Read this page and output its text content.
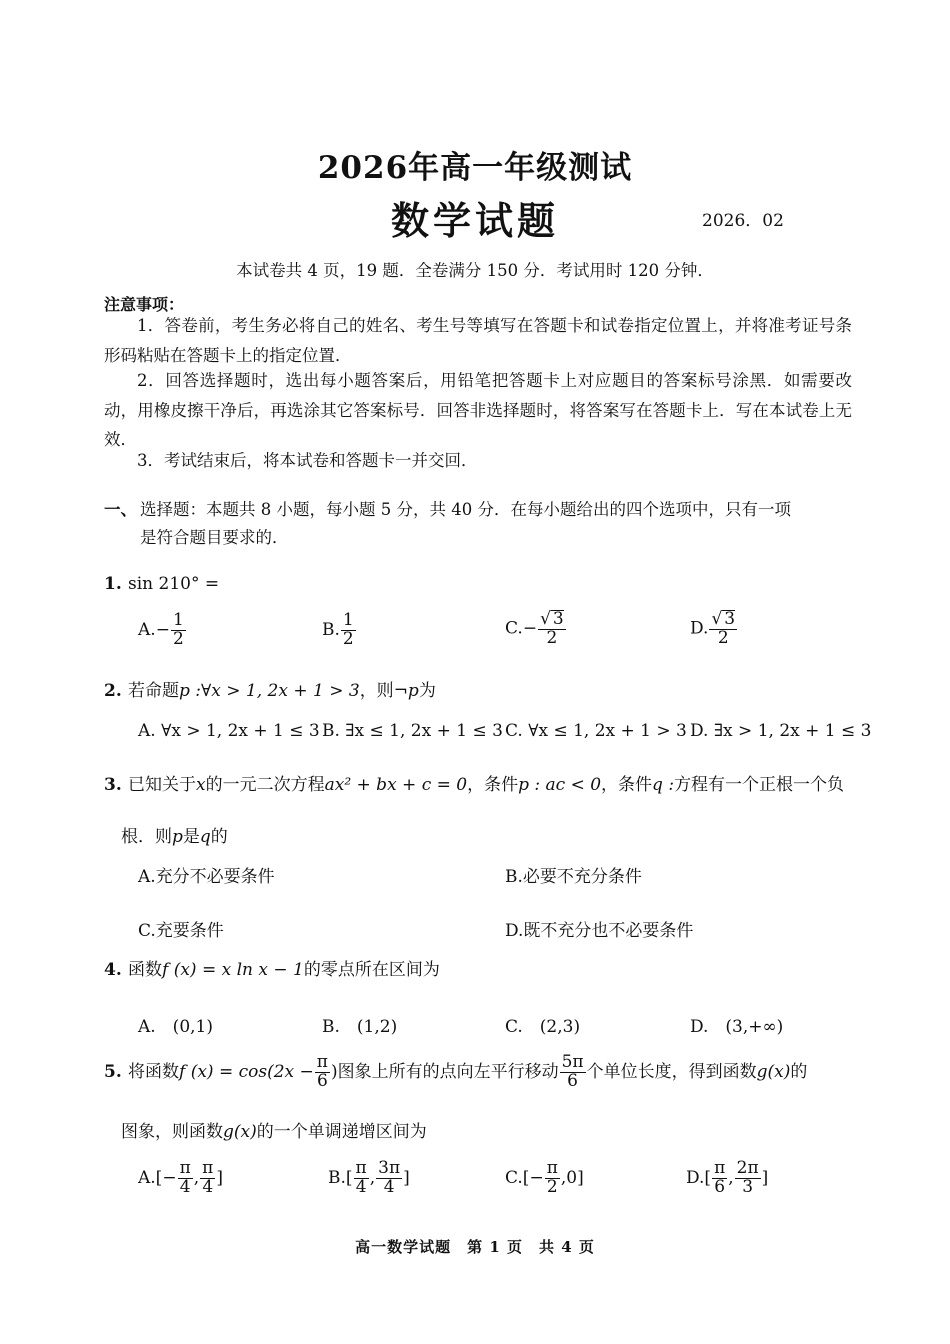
2026年高一年级测试
数学试题	2026．02
本试卷共 4 页，19 题．全卷满分 150 分．考试用时 120 分钟．
注意事项：
1．答卷前，考生务必将自己的姓名、考生号等填写在答题卡和试卷指定位置上，并将准考证号条形码粘贴在答题卡上的指定位置．
2．回答选择题时，选出每小题答案后，用铅笔把答题卡上对应题目的答案标号涂黑．如需要改动，用橡皮擦干净后，再选涂其它答案标号．回答非选择题时，将答案写在答题卡上．写在本试卷上无效．
3．考试结束后，将本试卷和答题卡一并交回．
一、 选择题：本题共 8 小题，每小题 5 分，共 40 分．在每小题给出的四个选项中，只有一项
是符合题目要求的．
1. sin 210° =
$A.- \frac{1}{2}$	B. $\frac{1}{2}$	$C.- \frac{√ 3}{2}$	D. $\frac{√ 3}{2}$
2. 若命题p :∀x > 1, 2x + 1 > 3，则¬p为
A. ∀x > 1, 2x + 1 ≤ 3 B. ∃x ≤ 1, 2x + 1 ≤ 3 C. ∀x ≤ 1, 2x + 1 > 3 D. ∃x > 1, 2x + 1 ≤ 3
3. 已知关于x的一元二次方程ax² + bx + c = 0，条件p : ac < 0，条件q :方程有一个正根一个负
根．则p是q的
A.充分不必要条件	B.必要不充分条件
C.充要条件	D.既不充分也不必要条件
4. 函数f (x) = x ln x − 1的零点所在区间为
A.　(0,1)	B.　(1,2)	C.　(2,3)	D.　(3,+∞)
5. 将函数f $(x) = \cos(2x - \frac{\pi}{6}$ )图象上所有的点向左平行移动 $\frac{5\pi}{6}$ 个单位长度，得到函数g(x)的
图象，则函数g(x)的一个单调递增区间为
$A.[- \frac{\pi}{4}$ , $\frac{\pi}{4}$ ]	$B.[ \frac{\pi}{4}$ , $\frac{3\pi}{4}$ ]	$C.[- \frac{\pi}{2} ,0]$	$D.[ \frac{\pi}{6}$ , $\frac{2\pi}{3}$ ]
高一数学试题　第 1 页　共 4 页
